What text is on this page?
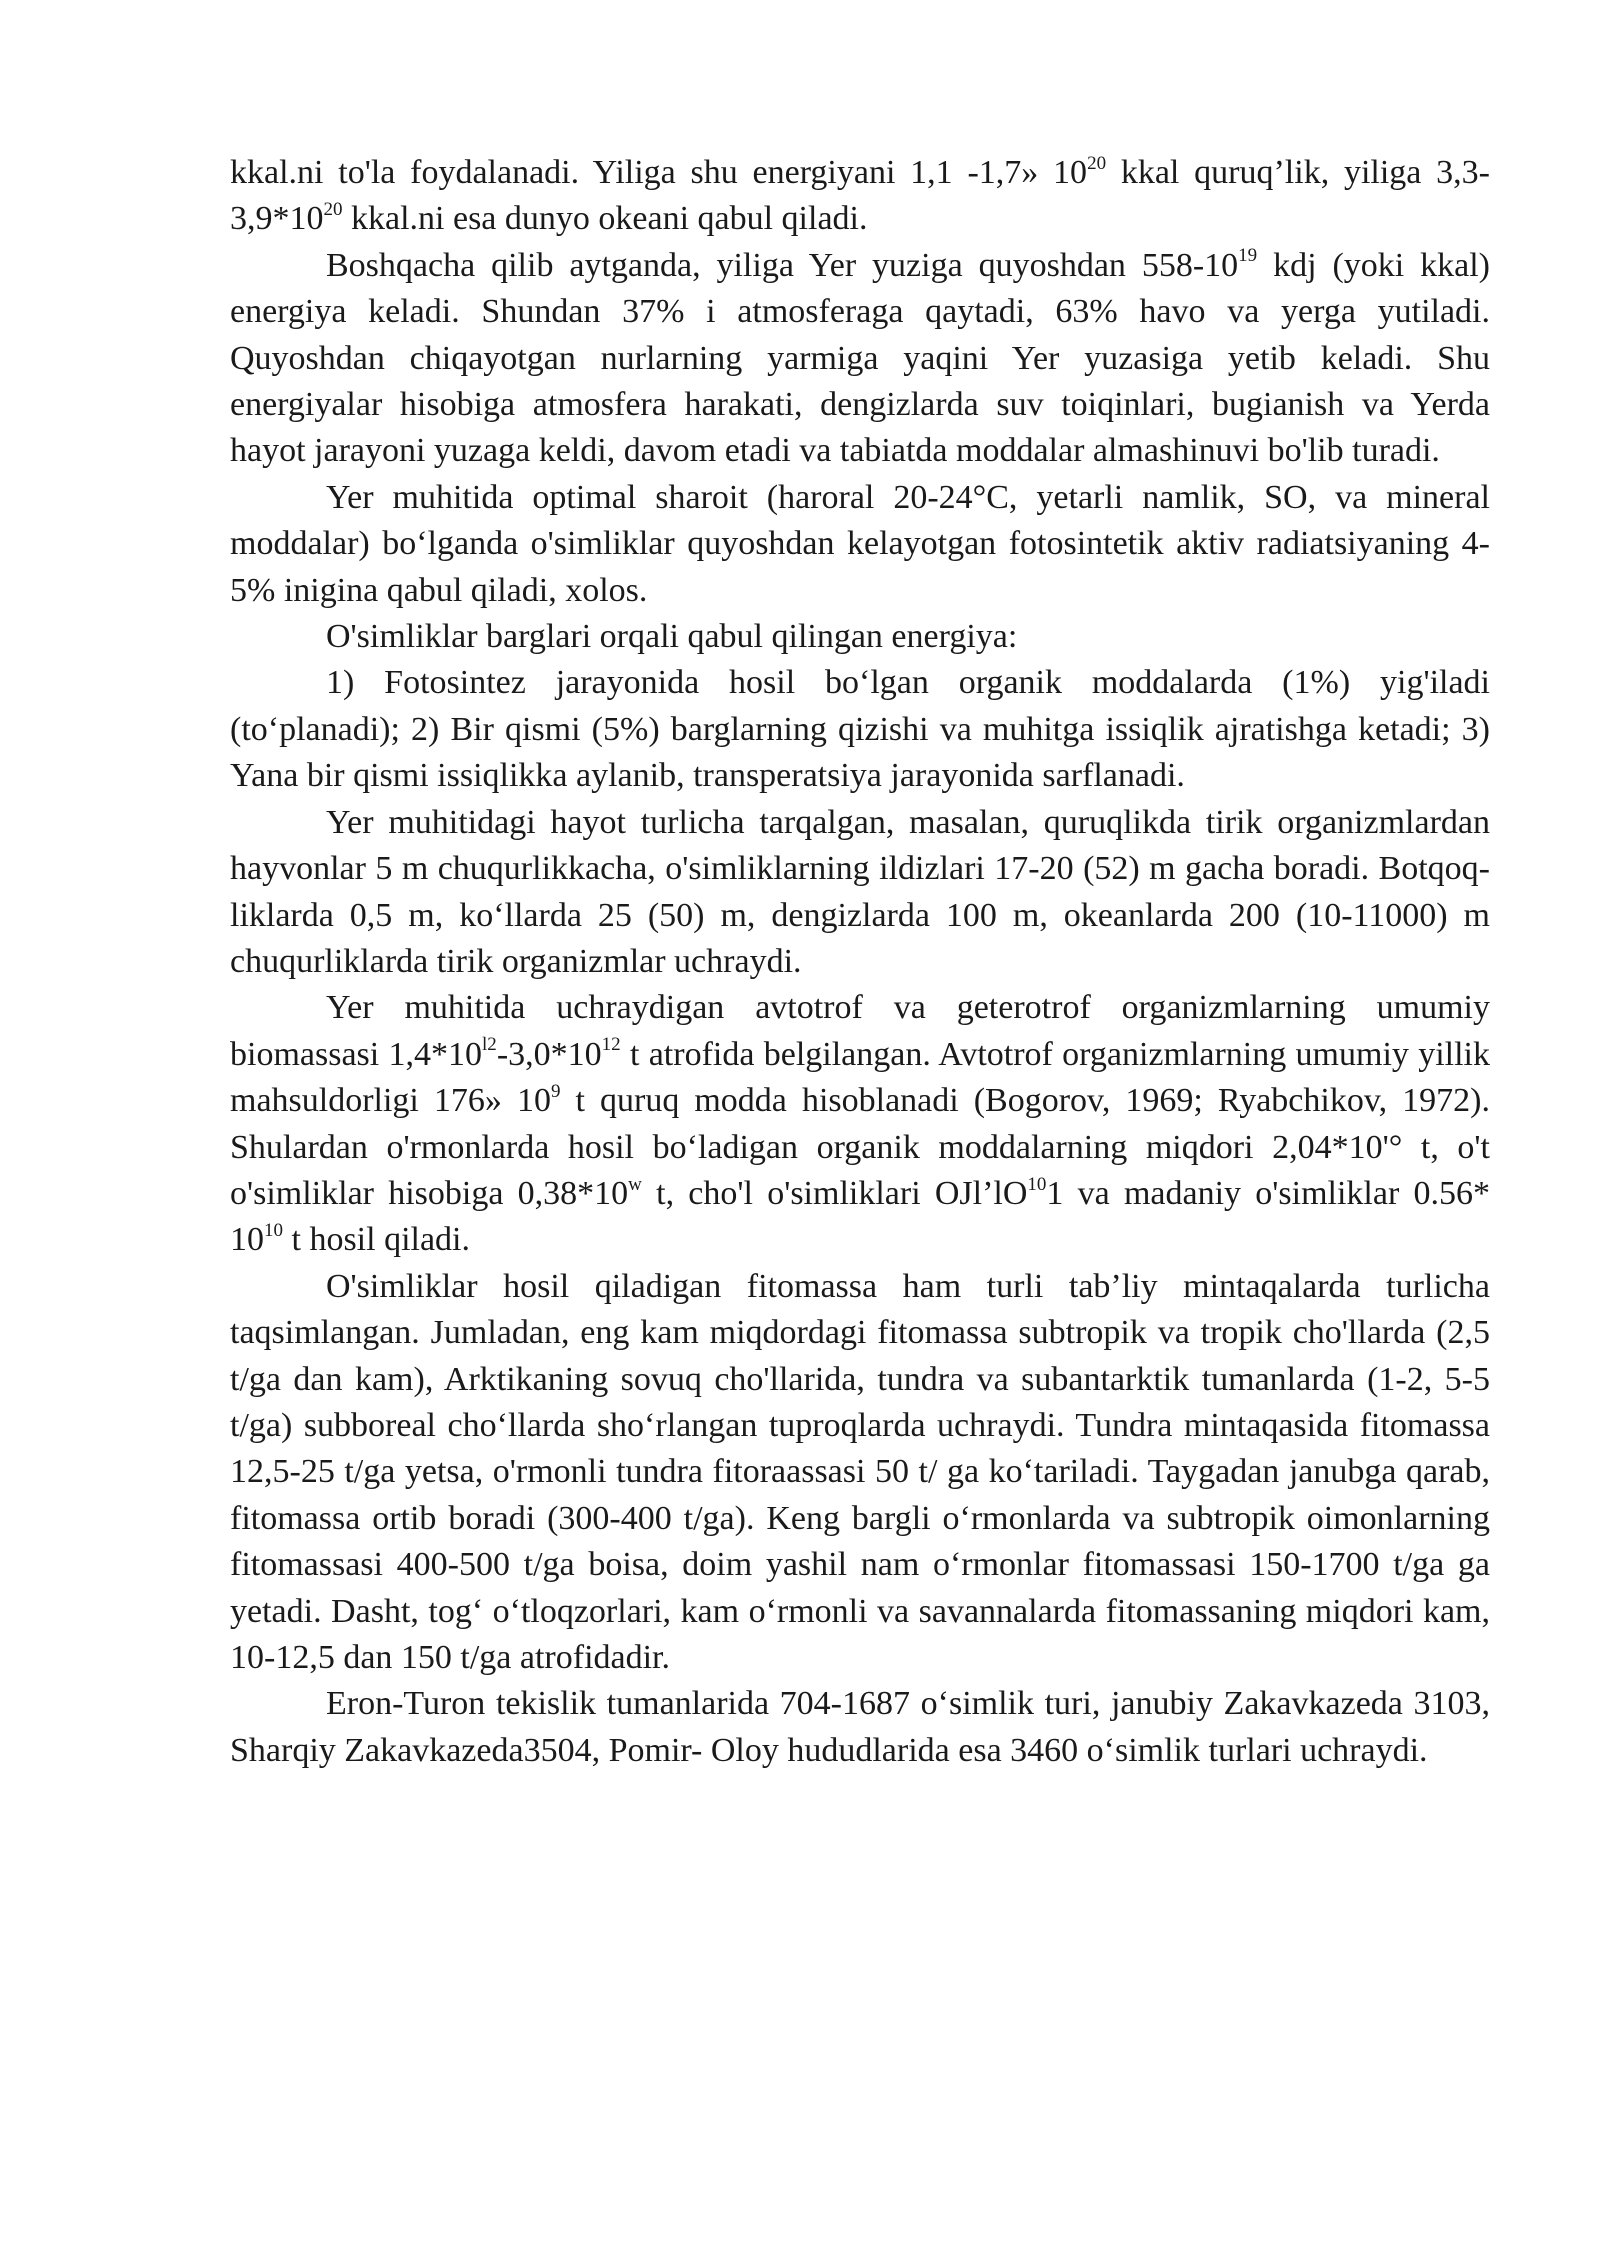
kkal.ni to'la foydalanadi. Yiliga shu energiyani 1,1 -1,7» $10^{20}$ kkal quruq’lik, yiliga $3,3-3,9*10^{20}$ kkal.ni esa dunyo okeani qabul qiladi.

Boshqacha qilib aytganda, yiliga Yer yuziga quyoshdan $558-10^{19}$ kdj (yoki kkal) energiya keladi. Shundan 37% i atmosferaga qaytadi, 63% havo va yerga yutiladi. Quyoshdan chiqayotgan nurlarning yarmiga yaqini Yer yuzasiga yetib keladi. Shu energiyalar hisobiga atmosfera harakati, dengizlarda suv toiqinlari, bugianish va Yerda hayot jarayoni yuzaga keldi, davom etadi va tabiatda moddalar almashinuvi bo'lib turadi.

Yer muhitida optimal sharoit (haroral 20-24°C, yetarli namlik, SO, va mineral moddalar) bo‘lganda o'simliklar quyoshdan kelayotgan fotosintetik aktiv radiatsiyaning 4-5% inigina qabul qiladi, xolos.

O'simliklar barglari orqali qabul qilingan energiya:

1) Fotosintez jarayonida hosil bo‘lgan organik moddalarda (1%) yig'iladi (to‘planadi); 2) Bir qismi (5%) barglarning qizishi va muhitga issiqlik ajratishga ketadi; 3) Yana bir qismi issiqlikka aylanib, transperatsiya jarayonida sarflanadi.

Yer muhitidagi hayot turlicha tarqalgan, masalan, quruqlikda tirik organizmlardan hayvonlar 5 m chuqurlikkacha, o'simliklarning ildizlari 17-20 (52) m gacha boradi. Botqoq- liklarda 0,5 m, ko‘llarda 25 (50) m, dengizlarda 100 m, okeanlarda 200 (10-11000) m chuqurliklarda tirik organizmlar uchraydi.

Yer muhitida uchraydigan avtotrof va geterotrof organizmlarning umumiy biomassasi $1,4*10^{l2}-3,0*10^{12}$ t atrofida belgilangan. Avtotrof organizmlarning umumiy yillik mahsuldorligi 176» $10^9$ t quruq modda hisoblanadi (Bogorov, 1969; Ryabchikov, 1972). Shulardan o'rmonlarda hosil bo‘ladigan organik moddalarning miqdori 2,04*10'° t, o't o'simliklar hisobiga 0,38*10$^w$ t, cho'l o'simliklari $OJl’lO^{10}1$ va madaniy o'simliklar 0.56* $10^{10}$ t hosil qiladi.

O'simliklar hosil qiladigan fitomassa ham turli tab’liy mintaqalarda turlicha taqsimlangan. Jumladan, eng kam miqdordagi fitomassa subtropik va tropik cho'llarda (2,5 t/ga dan kam), Arktikaning sovuq cho'llarida, tundra va subantarktik tumanlarda (1-2, 5-5 t/ga) subboreal cho‘llarda sho‘rlangan tuproqlarda uchraydi. Tundra mintaqasida fitomassa 12,5-25 t/ga yetsa, o'rmonli tundra fitoraassasi 50 t/ ga ko‘tariladi. Taygadan janubga qarab, fitomassa ortib boradi (300-400 t/ga). Keng bargli o‘rmonlarda va subtropik oimonlarning fitomassasi 400-500 t/ga boisa, doim yashil nam o‘rmonlar fitomassasi 150-1700 t/ga ga yetadi. Dasht, tog‘ o‘tloqzorlari, kam o‘rmonli va savannalarda fitomassaning miqdori kam, 10-12,5 dan 150 t/ga atrofidadir.

Eron-Turon tekislik tumanlarida 704-1687 o‘simlik turi, janubiy Zakavkazeda 3103, Sharqiy Zakavkazeda3504, Pomir- Oloy hududlarida esa 3460 o‘simlik turlari uchraydi.
